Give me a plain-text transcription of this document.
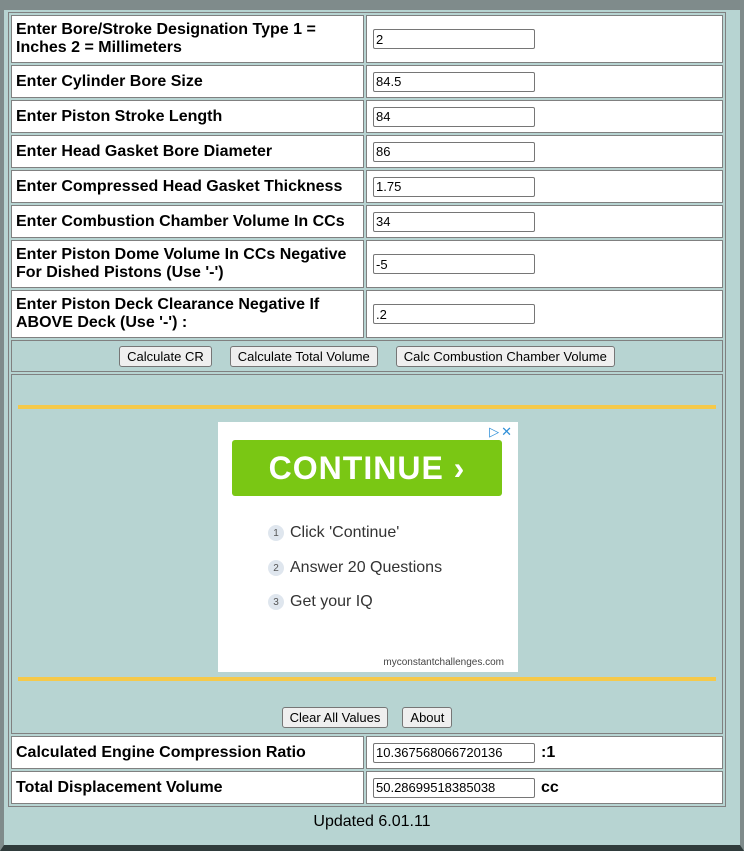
Enter Bore/Stroke Designation Type 1 = Inches 2 = Millimeters
2
Enter Cylinder Bore Size
84.5
Enter Piston Stroke Length
84
Enter Head Gasket Bore Diameter
86
Enter Compressed Head Gasket Thickness
1.75
Enter Combustion Chamber Volume In CCs
34
Enter Piston Dome Volume In CCs Negative For Dished Pistons (Use '-')
-5
Enter Piston Deck Clearance Negative If ABOVE Deck (Use '-') :
.2
Calculate CR	Calculate Total Volume	Calc Combustion Chamber Volume
▷✕
CONTINUE ›
1 Click 'Continue'
2 Answer 20 Questions
3 Get your IQ
myconstantchallenges.com
Clear All Values	About
Calculated Engine Compression Ratio
10.367568066720136	:1
Total Displacement Volume
50.28699518385038	cc
Updated 6.01.11
